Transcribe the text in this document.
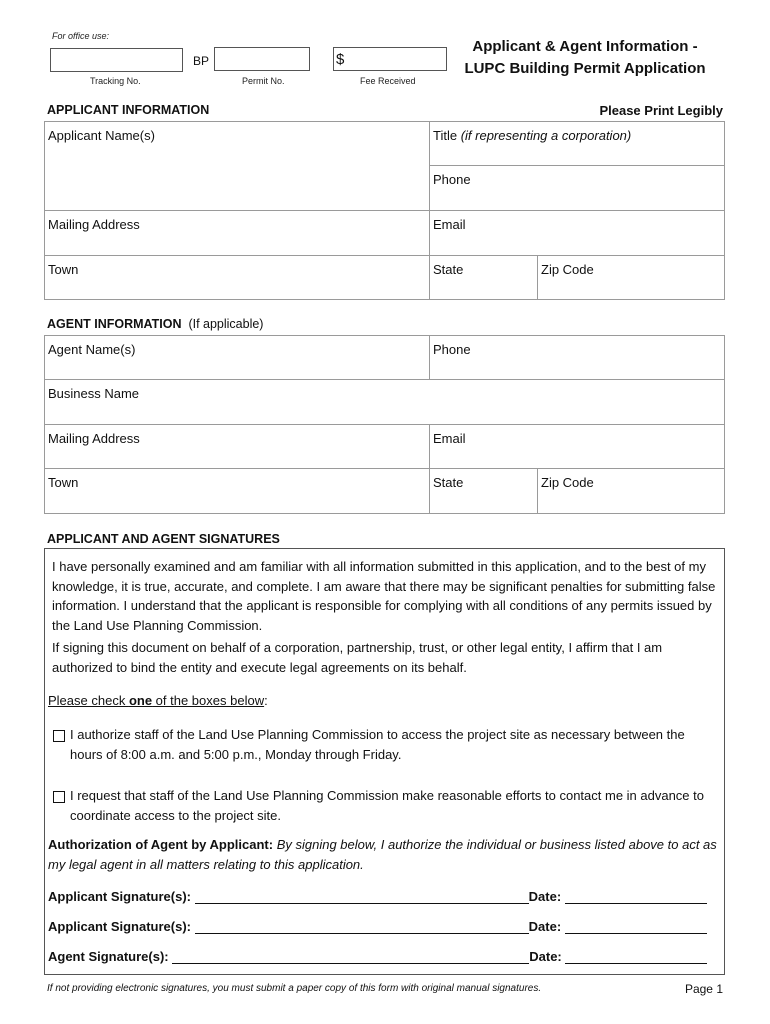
For office use:
BP	$
Tracking No.	Permit No.	Fee Received
Applicant & Agent Information -
LUPC Building Permit Application
APPLICANT INFORMATION	Please Print Legibly
Applicant Name(s)	Title (if representing a corporation)
Phone
Mailing Address	Email
Town	State	Zip Code
AGENT INFORMATION (If applicable)
Agent Name(s)	Phone
Business Name
Mailing Address	Email
Town	State	Zip Code
APPLICANT AND AGENT SIGNATURES
I have personally examined and am familiar with all information submitted in this application, and to the best of my knowledge, it is true, accurate, and complete. I am aware that there may be significant penalties for submitting false information. I understand that the applicant is responsible for complying with all conditions of any permits issued by the Land Use Planning Commission.
If signing this document on behalf of a corporation, partnership, trust, or other legal entity, I affirm that I am authorized to bind the entity and execute legal agreements on its behalf.
Please check one of the boxes below:
I authorize staff of the Land Use Planning Commission to access the project site as necessary between the hours of 8:00 a.m. and 5:00 p.m., Monday through Friday.
I request that staff of the Land Use Planning Commission make reasonable efforts to contact me in advance to coordinate access to the project site.
Authorization of Agent by Applicant: By signing below, I authorize the individual or business listed above to act as my legal agent in all matters relating to this application.
Applicant Signature(s):	Date:
Applicant Signature(s):	Date:
Agent Signature(s):	Date:
If not providing electronic signatures, you must submit a paper copy of this form with original manual signatures.	Page 1
